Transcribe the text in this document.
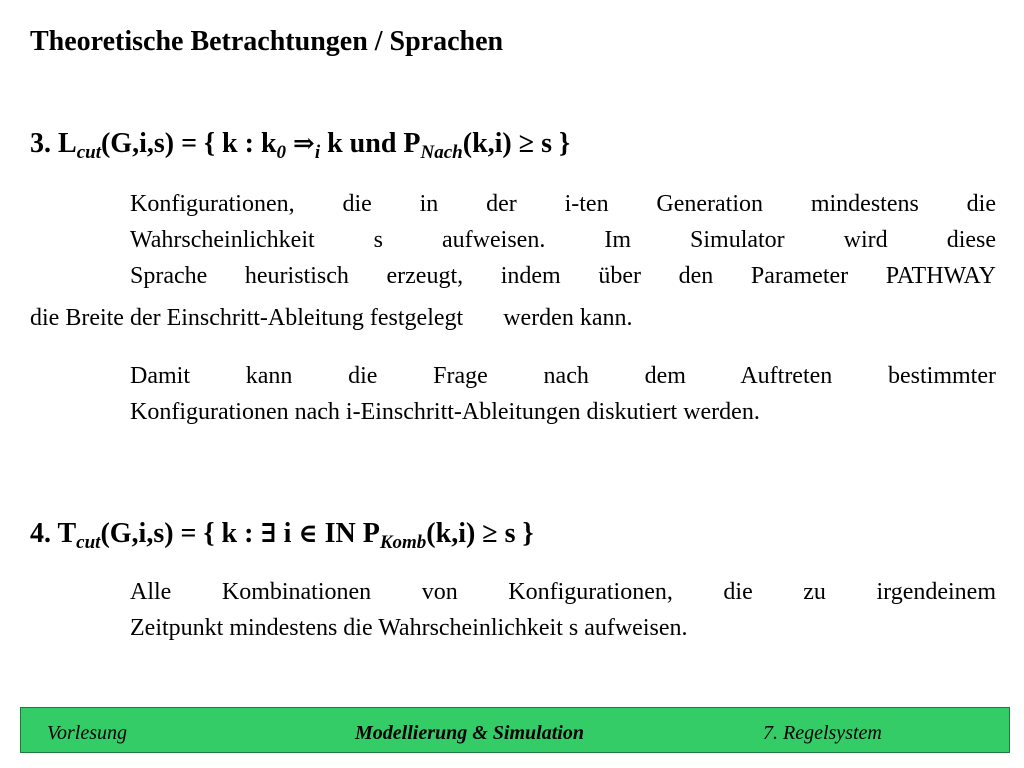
Theoretische Betrachtungen / Sprachen
3. $L_{cut}(G,i,s)$ = { k : $k_0$ $\Rightarrow_i$ k und $P_{Nach}(k,i) \ge s$ }
Konfigurationen, die in der i-ten Generation mindestens die
Wahrscheinlichkeit s aufweisen. Im Simulator wird diese
Sprache heuristisch erzeugt, indem über den Parameter PATHWAY
die Breite der Einschritt-Ableitung festgelegt werden kann.
Damit kann die Frage nach dem Auftreten bestimmter
Konfigurationen nach i-Einschritt-Ableitungen diskutiert werden.
4. $T_{cut}(G,i,s)$ = { k : ∃ i ∈ IN $P_{Komb}(k,i) \ge s$ }
Alle Kombinationen von Konfigurationen, die zu irgendeinem
Zeitpunkt mindestens die Wahrscheinlichkeit s aufweisen.
Vorlesung	Modellierung & Simulation	7. Regelsystem
